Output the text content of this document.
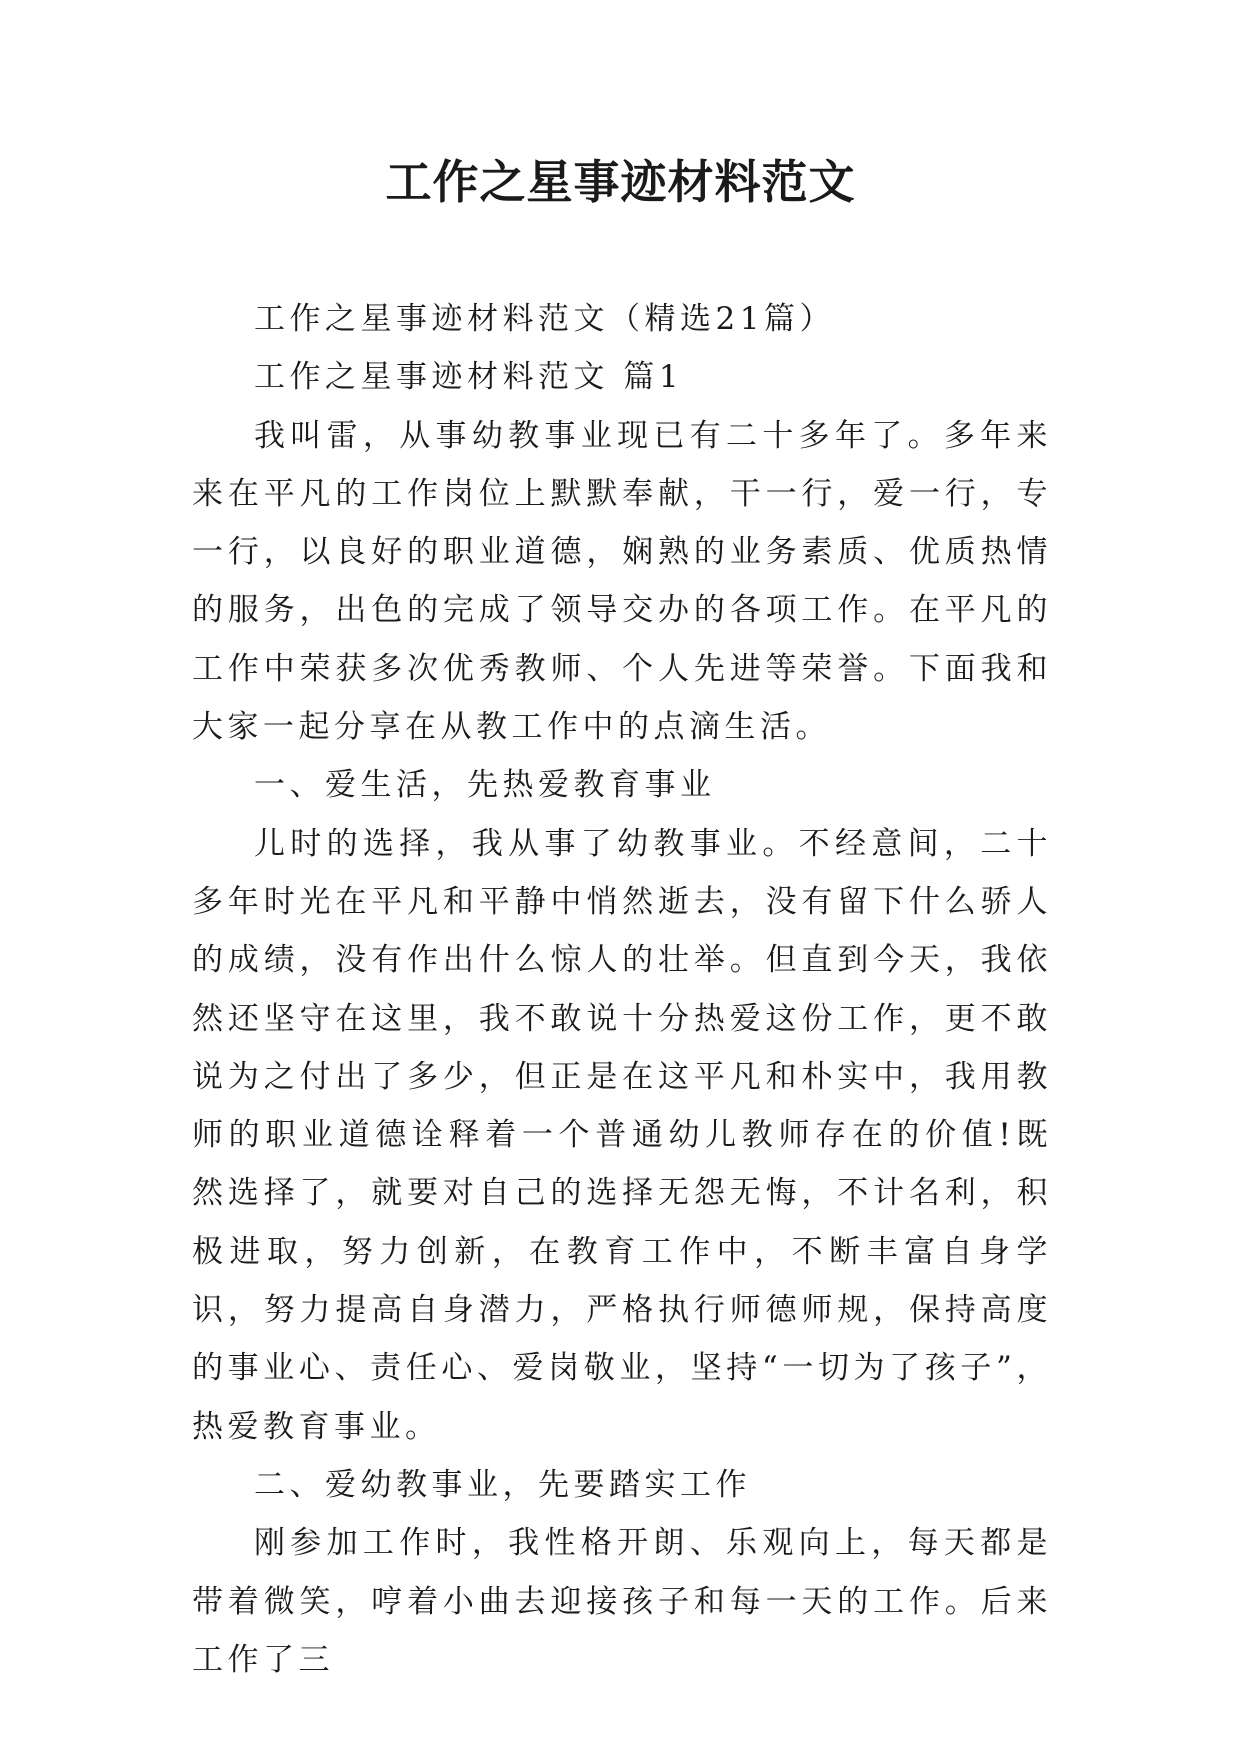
工作之星事迹材料范文

工作之星事迹材料范文（精选21篇）

工作之星事迹材料范文 篇1

我叫雷，从事幼教事业现已有二十多年了。多年来来在平凡的工作岗位上默默奉献，干一行，爱一行，专一行，以良好的职业道德，娴熟的业务素质、优质热情的服务，出色的完成了领导交办的各项工作。在平凡的工作中荣获多次优秀教师、个人先进等荣誉。下面我和大家一起分享在从教工作中的点滴生活。

一、爱生活，先热爱教育事业

儿时的选择，我从事了幼教事业。不经意间，二十多年时光在平凡和平静中悄然逝去，没有留下什么骄人的成绩，没有作出什么惊人的壮举。但直到今天，我依然还坚守在这里，我不敢说十分热爱这份工作，更不敢说为之付出了多少，但正是在这平凡和朴实中，我用教师的职业道德诠释着一个普通幼儿教师存在的价值!既然选择了，就要对自己的选择无怨无悔，不计名利，积极进取，努力创新，在教育工作中，不断丰富自身学识，努力提高自身潜力，严格执行师德师规，保持高度的事业心、责任心、爱岗敬业，坚持“一切为了孩子”，热爱教育事业。

二、爱幼教事业，先要踏实工作

刚参加工作时，我性格开朗、乐观向上，每天都是带着微笑，哼着小曲去迎接孩子和每一天的工作。后来工作了三
